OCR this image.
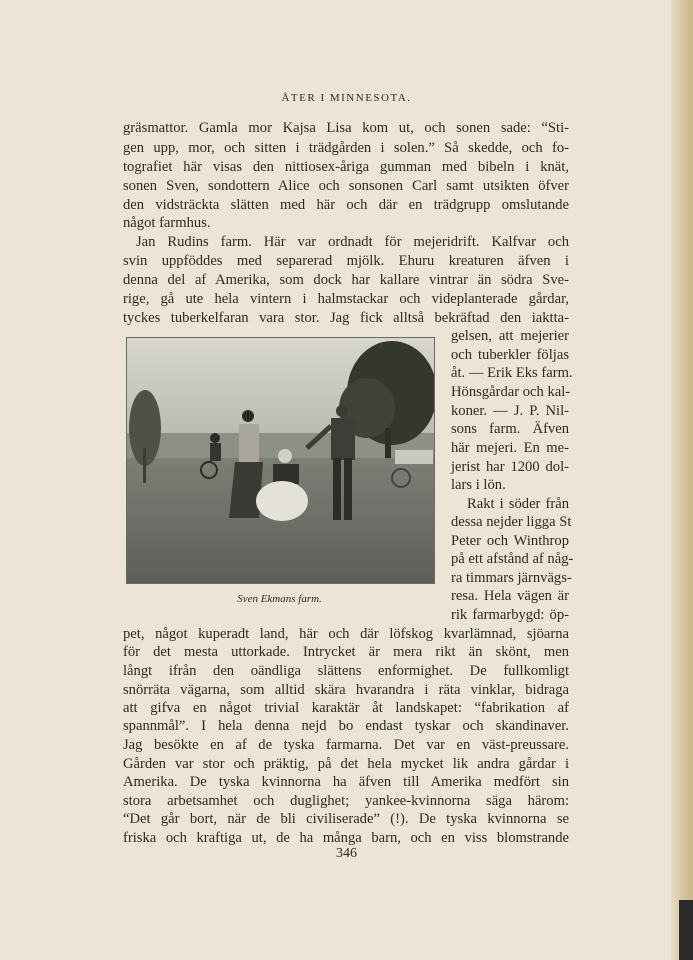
ÅTER I MINNESOTA.
gräsmattor. Gamla mor Kajsa Lisa kom ut, och sonen sade: “Sti-
gen upp, mor, och sitten i trädgården i solen.” Så skedde, och fo-
tografiet här visas den nittiosex-åriga gumman med bibeln i knät,
sonen Sven, sondottern Alice och sonsonen Carl samt utsikten öfver
den vidsträckta slätten med här och där en trädgrupp omslutande
något farmhus.
Jan Rudins farm. Här var ordnadt för mejeridrift. Kalfvar och
svin uppföddes med separerad mjölk. Ehuru kreaturen äfven i
denna del af Amerika, som dock har kallare vintrar än södra Sve-
rige, gå ute hela vintern i halmstackar och videplanterade gårdar,
tyckes tuberkelfaran vara stor. Jag fick alltså bekräftad den iaktta-
Sven Ekmans farm.
gelsen, att mejerier
och tuberkler följas
åt. — Erik Eks farm.
Hönsgårdar och kal-
koner. — J. P. Nil-
sons farm. Äfven
här mejeri. En me-
jerist har 1200 dol-
lars i lön.
Rakt i söder från
dessa nejder ligga St
Peter och Winthrop
på ett afstånd af någ-
ra timmars järnvägs-
resa. Hela vägen är
rik farmarbygd: öp-
pet, något kuperadt land, här och där löfskog kvarlämnad, sjöarna
för det mesta uttorkade. Intrycket är mera rikt än skönt, men
långt ifrån den oändliga slättens enformighet. De fullkomligt
snörräta vägarna, som alltid skära hvarandra i räta vinklar, bidraga
att gifva en något trivial karaktär åt landskapet: “fabrikation af
spannmål”. I hela denna nejd bo endast tyskar och skandinaver.
Jag besökte en af de tyska farmarna. Det var en väst-preussare.
Gården var stor och präktig, på det hela mycket lik andra gårdar i
Amerika. De tyska kvinnorna ha äfven till Amerika medfört sin
stora arbetsamhet och duglighet; yankee-kvinnorna säga härom:
“Det går bort, när de bli civiliserade” (!). De tyska kvinnorna se
friska och kraftiga ut, de ha många barn, och en viss blomstrande
346
